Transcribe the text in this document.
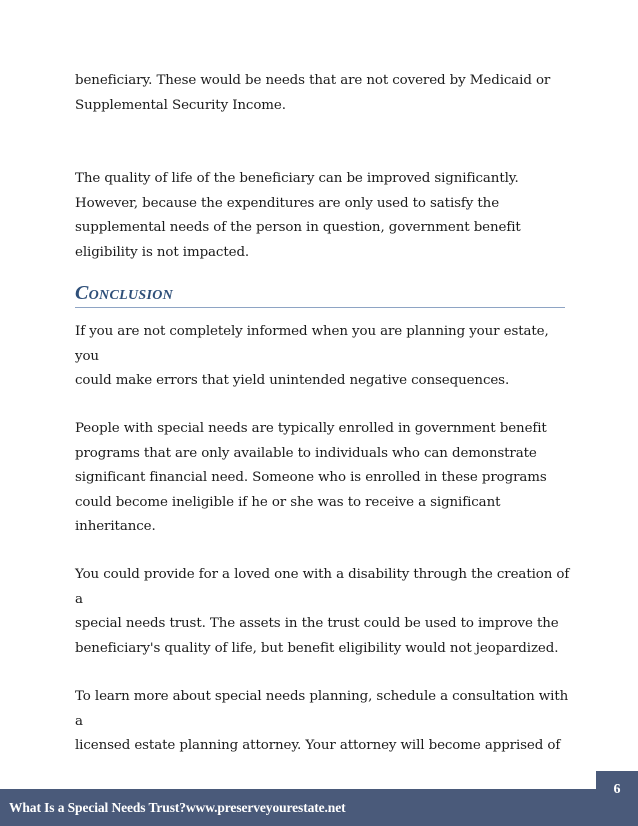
beneficiary. These would be needs that are not covered by Medicaid or
Supplemental Security Income.

The quality of life of the beneficiary can be improved significantly.
However, because the expenditures are only used to satisfy the
supplemental needs of the person in question, government benefit
eligibility is not impacted.

Conclusion

If you are not completely informed when you are planning your estate, you
could make errors that yield unintended negative consequences.

People with special needs are typically enrolled in government benefit
programs that are only available to individuals who can demonstrate
significant financial need. Someone who is enrolled in these programs
could become ineligible if he or she was to receive a significant inheritance.

You could provide for a loved one with a disability through the creation of a
special needs trust. The assets in the trust could be used to improve the
beneficiary's quality of life, but benefit eligibility would not jeopardized.

To learn more about special needs planning, schedule a consultation with a
licensed estate planning attorney. Your attorney will become apprised of

6
What Is a Special Needs Trust?www.preserveyourestate.net
